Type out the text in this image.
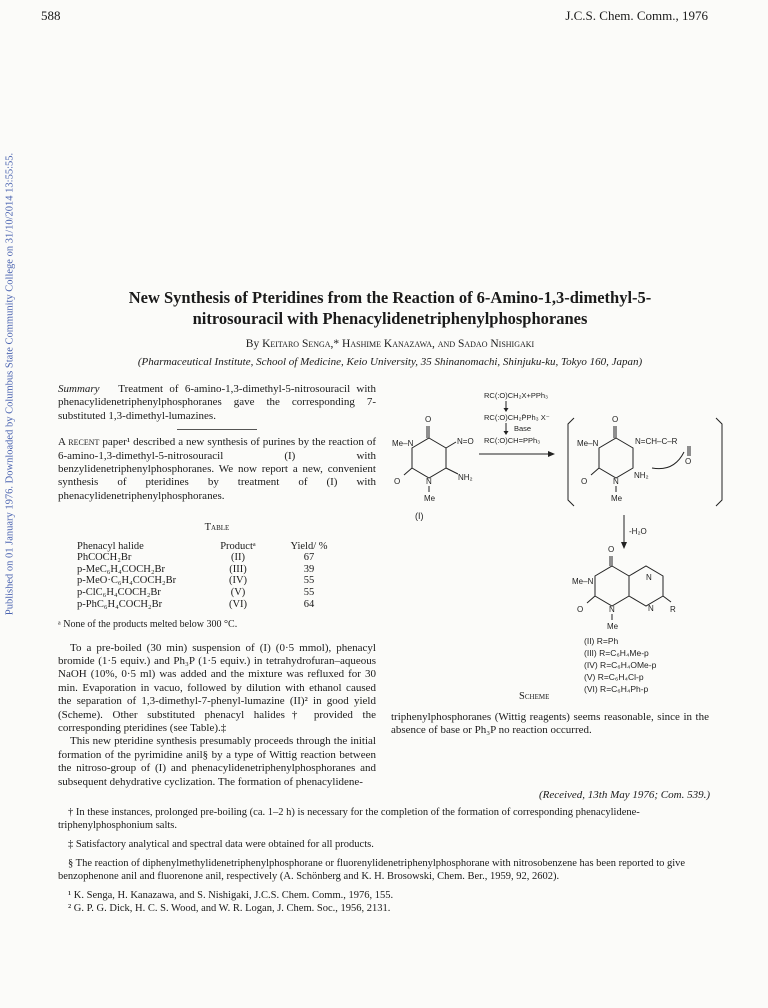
588	J.C.S. Chem. Comm., 1976
Published on 01 January 1976. Downloaded by Columbus State Community College on 31/10/2014 13:55:55.	New Synthesis of Pteridines from the Reaction of 6-Amino-1,3-dimethyl-5-
nitrosouracil with Phenacylidenetriphenylphosphoranes
By Keitaro Senga,* Hashime Kanazawa, and Sadao Nishigaki
(Pharmaceutical Institute, School of Medicine, Keio University, 35 Shinanomachi, Shinjuku-ku, Tokyo 160, Japan)

Summary Treatment of 6-amino-1,3-dimethyl-5-nitrosouracil with phenacylidenetriphenylphosphoranes gave the corresponding 7-substituted 1,3-dimethyl-lumazines.

A recent paper¹ described a new synthesis of purines by the reaction of 6-amino-1,3-dimethyl-5-nitrosouracil (I) with benzylidenetriphenylphosphoranes. We now report a new, convenient synthesis of pteridines by treatment of (I) with phenacylidenetriphenylphosphoranes.

Table
Phenacyl halide	Productᵃ	Yield/ %
PhCOCH₂Br	(II)	67
p-MeC₆H₄COCH₂Br	(III)	39
p-MeO·C₆H₄COCH₂Br	(IV)	55
p-ClC₆H₄COCH₂Br	(V)	55
p-PhC₆H₄COCH₂Br	(VI)	64
ᵃ None of the products melted below 300 °C.

To a pre-boiled (30 min) suspension of (I) (0·5 mmol), phenacyl bromide (1·5 equiv.) and Ph₃P (1·5 equiv.) in tetrahydrofuran–aqueous NaOH (10%, 0·5 ml) was added and the mixture was refluxed for 30 min. Evaporation in vacuo, followed by dilution with ethanol caused the separation of 1,3-dimethyl-7-phenyl-lumazine (II)² in good yield (Scheme). Other substituted phenacyl halides† provided the corresponding pteridines (see Table).‡

This new pteridine synthesis presumably proceeds through the initial formation of the pyrimidine anil§ by a type of Wittig reaction between the nitroso-group of (I) and phenacylidenetriphenylphosphoranes and subsequent dehydrative cyclization. The formation of phenacylidene-

RC(:O)CH₂X+PPh₃
RC(:O)CH₂P̄Ph₃ X⁻
Base
RC(:O)CH=PPh₃
O
Me–N	N=O
NH₂
O	N
Me
(I)
O
Me–N	N=CH–C–R
O
NH₂
O	N
Me
-H₂O
O
Me–N	N
N R
O	N
Me
(II) R=Ph
(III) R=C₆H₄Me-p
(IV) R=C₆H₄OMe-p
(V) R=C₆H₄Cl-p
(VI) R=C₆H₄Ph-p
Scheme

triphenylphosphoranes (Wittig reagents) seems reasonable, since in the absence of base or Ph₃P no reaction occurred.

(Received, 13th May 1976; Com. 539.)

† In these instances, prolonged pre-boiling (ca. 1–2 h) is necessary for the completion of the formation of corresponding phenacylidene-triphenylphosphonium salts.

‡ Satisfactory analytical and spectral data were obtained for all products.

§ The reaction of diphenylmethylidenetriphenylphosphorane or fluorenylidenetriphenylphosphorane with nitrosobenzene has been reported to give benzophenone anil and fluorenone anil, respectively (A. Schönberg and K. H. Brosowski, Chem. Ber., 1959, 92, 2602).

¹ K. Senga, H. Kanazawa, and S. Nishigaki, J.C.S. Chem. Comm., 1976, 155.

² G. P. G. Dick, H. C. S. Wood, and W. R. Logan, J. Chem. Soc., 1956, 2131.
